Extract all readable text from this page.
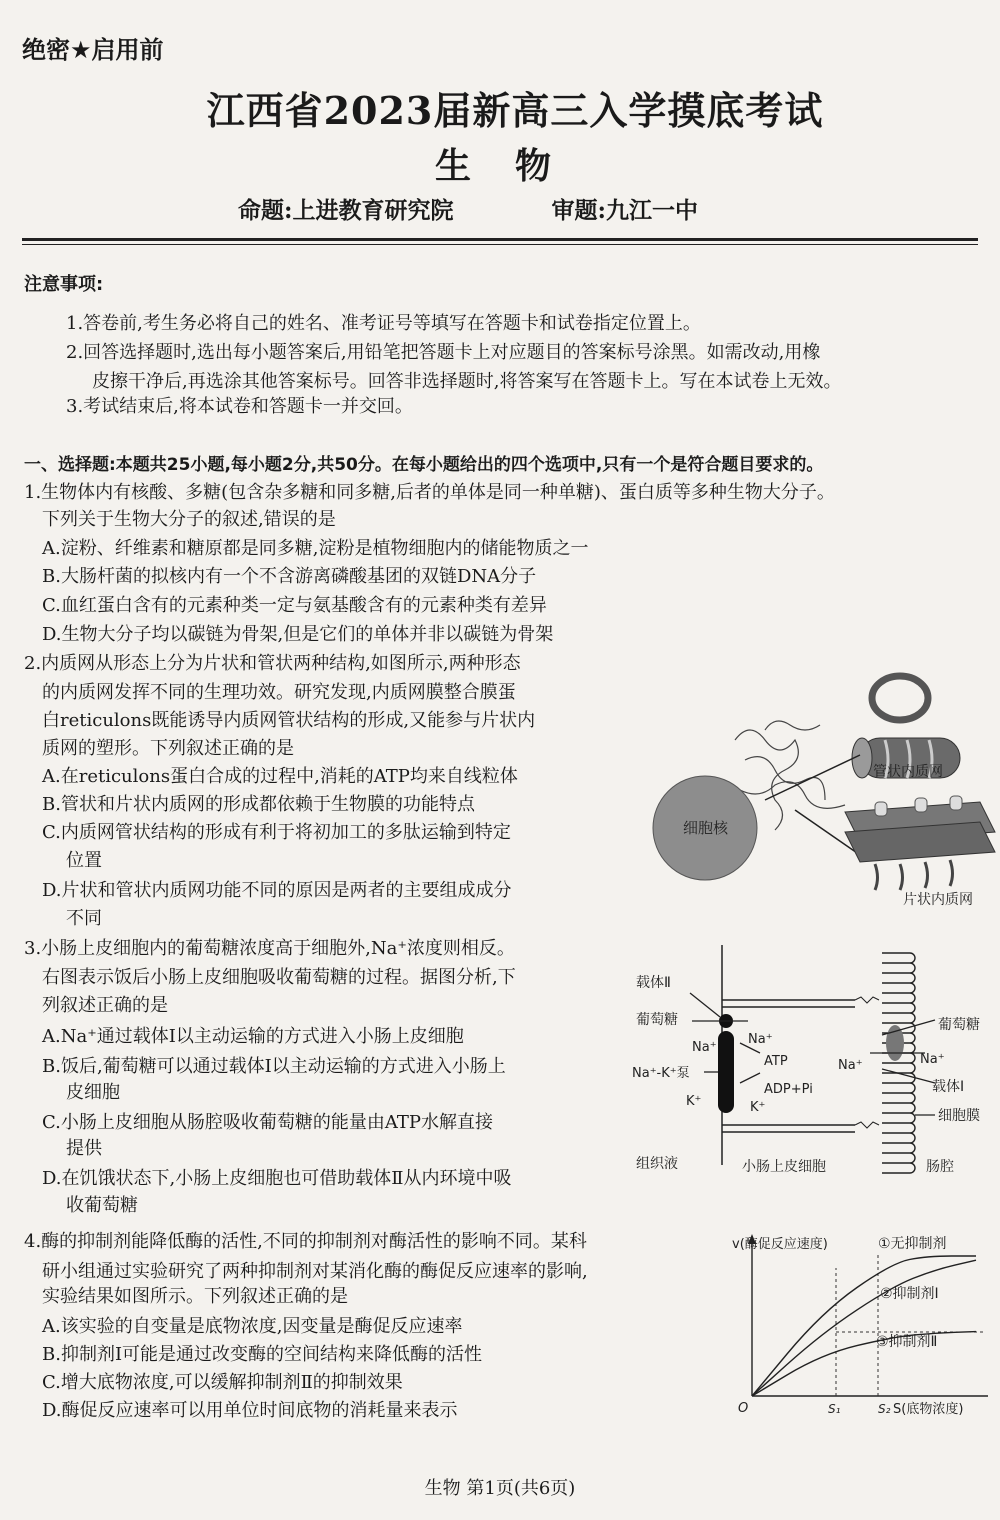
绝密★启用前
江西省2023届新高三入学摸底考试
生物
命题:上进教育研究院	审题:九江一中
注意事项:
1.答卷前,考生务必将自己的姓名、准考证号等填写在答题卡和试卷指定位置上。
2.回答选择题时,选出每小题答案后,用铅笔把答题卡上对应题目的答案标号涂黑。如需改动,用橡
皮擦干净后,再选涂其他答案标号。回答非选择题时,将答案写在答题卡上。写在本试卷上无效。
3.考试结束后,将本试卷和答题卡一并交回。
一、选择题:本题共25小题,每小题2分,共50分。在每小题给出的四个选项中,只有一个是符合题目要求的。
1.生物体内有核酸、多糖(包含杂多糖和同多糖,后者的单体是同一种单糖)、蛋白质等多种生物大分子。
下列关于生物大分子的叙述,错误的是
A.淀粉、纤维素和糖原都是同多糖,淀粉是植物细胞内的储能物质之一
B.大肠杆菌的拟核内有一个不含游离磷酸基团的双链DNA分子
C.血红蛋白含有的元素种类一定与氨基酸含有的元素种类有差异
D.生物大分子均以碳链为骨架,但是它们的单体并非以碳链为骨架
2.内质网从形态上分为片状和管状两种结构,如图所示,两种形态
的内质网发挥不同的生理功效。研究发现,内质网膜整合膜蛋
白reticulons既能诱导内质网管状结构的形成,又能参与片状内
质网的塑形。下列叙述正确的是
A.在reticulons蛋白合成的过程中,消耗的ATP均来自线粒体
B.管状和片状内质网的形成都依赖于生物膜的功能特点
C.内质网管状结构的形成有利于将初加工的多肽运输到特定
位置
D.片状和管状内质网功能不同的原因是两者的主要组成成分
不同
细胞核
管状内质网
片状内质网
3.小肠上皮细胞内的葡萄糖浓度高于细胞外,Na⁺浓度则相反。
右图表示饭后小肠上皮细胞吸收葡萄糖的过程。据图分析,下
列叙述正确的是
A.Na⁺通过载体Ⅰ以主动运输的方式进入小肠上皮细胞
B.饭后,葡萄糖可以通过载体Ⅰ以主动运输的方式进入小肠上
皮细胞
C.小肠上皮细胞从肠腔吸收葡萄糖的能量由ATP水解直接
提供
D.在饥饿状态下,小肠上皮细胞也可借助载体Ⅱ从内环境中吸
收葡萄糖
载体Ⅱ
葡萄糖
Na⁺-K⁺泵
Na⁺
Na⁺
ATP
ADP+Pi
K⁺	K⁺
Na⁺
葡萄糖
Na⁺
载体Ⅰ
细胞膜
组织液	小肠上皮细胞	肠腔
4.酶的抑制剂能降低酶的活性,不同的抑制剂对酶活性的影响不同。某科
研小组通过实验研究了两种抑制剂对某消化酶的酶促反应速率的影响,
实验结果如图所示。下列叙述正确的是
A.该实验的自变量是底物浓度,因变量是酶促反应速率
B.抑制剂Ⅰ可能是通过改变酶的空间结构来降低酶的活性
C.增大底物浓度,可以缓解抑制剂Ⅱ的抑制效果
D.酶促反应速率可以用单位时间底物的消耗量来表示
v(酶促反应速度)
O	S₂
S₁	S(底物浓度)
①无抑制剂
②抑制剂Ⅰ
③抑制剂Ⅱ
生物 第1页(共6页)
